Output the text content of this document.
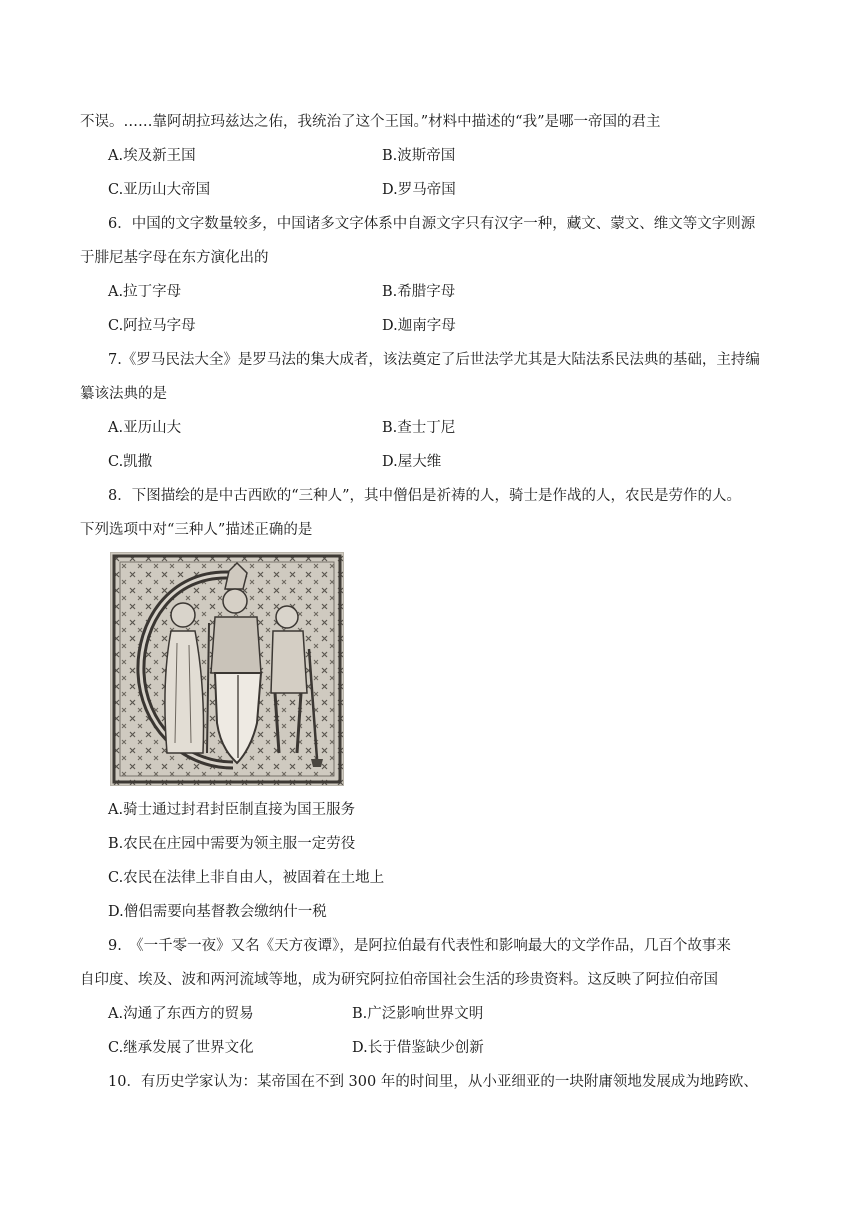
不误。……靠阿胡拉玛兹达之佑，我统治了这个王国。”材料中描述的“我”是哪一帝国的君主
A.埃及新王国	B.波斯帝国
C.亚历山大帝国	D.罗马帝国
6．中国的文字数量较多，中国诸多文字体系中自源文字只有汉字一种，藏文、蒙文、维文等文字则源
于腓尼基字母在东方演化出的
A.拉丁字母	B.希腊字母
C.阿拉马字母	D.迦南字母
7.《罗马民法大全》是罗马法的集大成者，该法奠定了后世法学尤其是大陆法系民法典的基础，主持编
纂该法典的是
A.亚历山大	B.查士丁尼
C.凯撒	D.屋大维
8．下图描绘的是中古西欧的“三种人”，其中僧侣是祈祷的人，骑士是作战的人，农民是劳作的人。
下列选项中对“三种人”描述正确的是
A.骑士通过封君封臣制直接为国王服务
B.农民在庄园中需要为领主服一定劳役
C.农民在法律上非自由人，被固着在土地上
D.僧侣需要向基督教会缴纳什一税
9.　《一千零一夜》又名《天方夜谭》，是阿拉伯最有代表性和影响最大的文学作品，几百个故事来
自印度、埃及、波和两河流域等地，成为研究阿拉伯帝国社会生活的珍贵资料。这反映了阿拉伯帝国
A.沟通了东西方的贸易	B.广泛影响世界文明
C.继承发展了世界文化	D.长于借鉴缺少创新
10．有历史学家认为：某帝国在不到 300 年的时间里，从小亚细亚的一块附庸领地发展成为地跨欧、
